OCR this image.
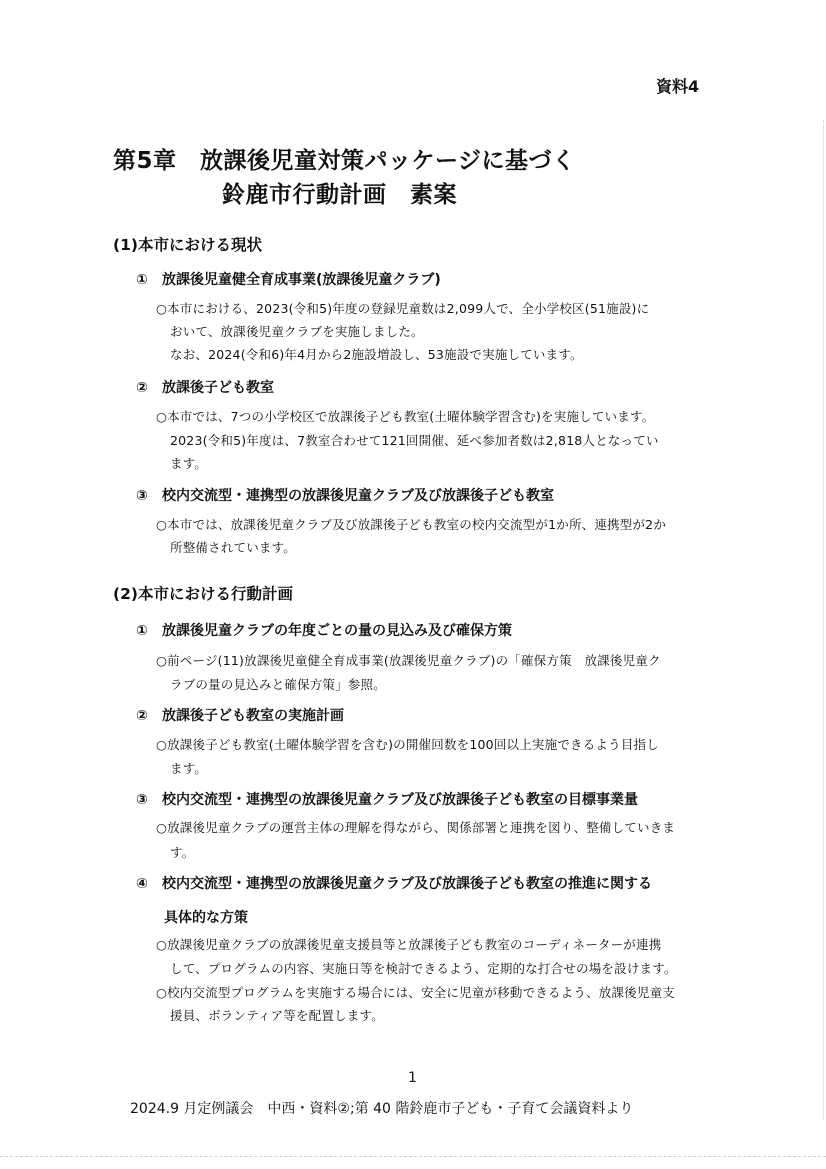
資料4
第5章　放課後児童対策パッケージに基づく
鈴鹿市行動計画　素案
(1)本市における現状
① 放課後児童健全育成事業(放課後児童クラブ)
○本市における、2023(令和5)年度の登録児童数は2,099人で、全小学校区(51施設)に
おいて、放課後児童クラブを実施しました。
なお、2024(令和6)年4月から2施設増設し、53施設で実施しています。
② 放課後子ども教室
○本市では、7つの小学校区で放課後子ども教室(土曜体験学習含む)を実施しています。
2023(令和5)年度は、7教室合わせて121回開催、延べ参加者数は2,818人となってい
ます。
③ 校内交流型・連携型の放課後児童クラブ及び放課後子ども教室
○本市では、放課後児童クラブ及び放課後子ども教室の校内交流型が1か所、連携型が2か
所整備されています。
(2)本市における行動計画
① 放課後児童クラブの年度ごとの量の見込み及び確保方策
○前ページ(11)放課後児童健全育成事業(放課後児童クラブ)の「確保方策　放課後児童ク
ラブの量の見込みと確保方策」参照。
② 放課後子ども教室の実施計画
○放課後子ども教室(土曜体験学習を含む)の開催回数を100回以上実施できるよう目指し
ます。
③ 校内交流型・連携型の放課後児童クラブ及び放課後子ども教室の目標事業量
○放課後児童クラブの運営主体の理解を得ながら、関係部署と連携を図り、整備していきま
す。
④ 校内交流型・連携型の放課後児童クラブ及び放課後子ども教室の推進に関する
具体的な方策
○放課後児童クラブの放課後児童支援員等と放課後子ども教室のコーディネーターが連携
して、プログラムの内容、実施日等を検討できるよう、定期的な打合せの場を設けます。
○校内交流型プログラムを実施する場合には、安全に児童が移動できるよう、放課後児童支
援員、ボランティア等を配置します。
1
2024.9 月定例議会　中西・資料②;第 40 階鈴鹿市子ども・子育て会議資料より
